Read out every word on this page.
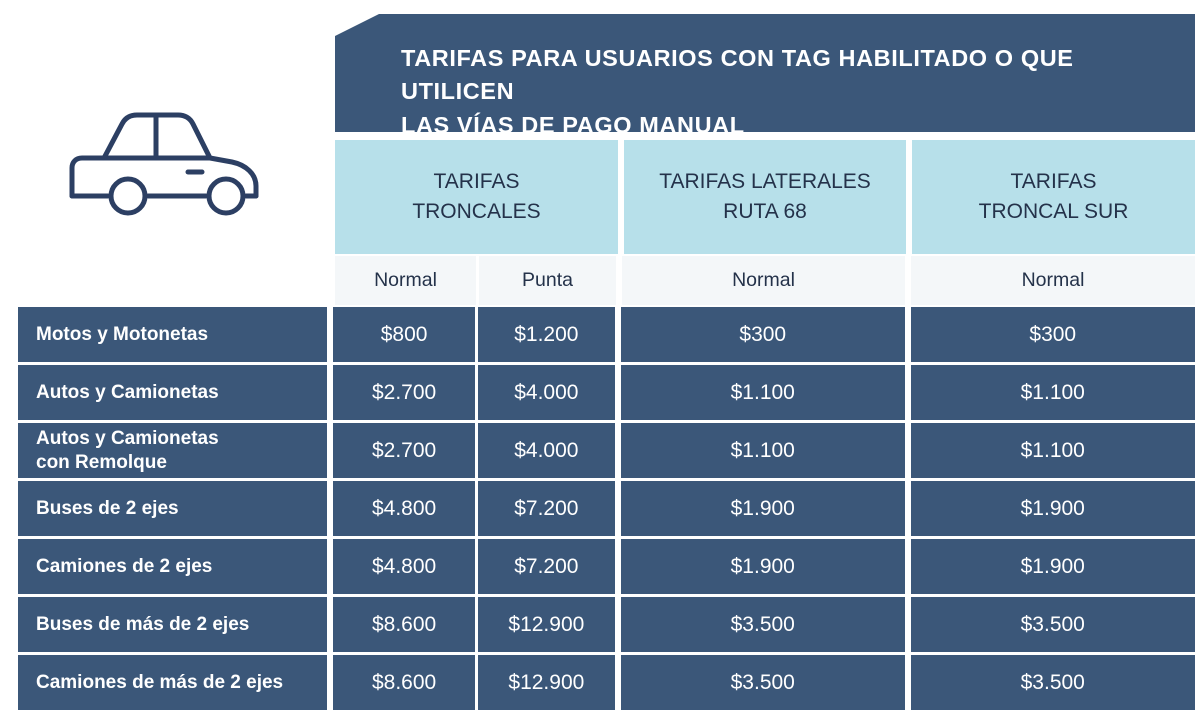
TARIFAS PARA USUARIOS CON TAG HABILITADO O QUE UTILICEN
LAS VÍAS DE PAGO MANUAL
TARIFAS
TRONCALES
TARIFAS LATERALES
RUTA 68
TARIFAS
TRONCAL SUR
Normal	Punta	Normal	Normal
Motos y Motonetas	$800	$1.200	$300	$300
Autos y Camionetas	$2.700	$4.000	$1.100	$1.100
Autos y Camionetas
con Remolque
$2.700	$4.000	$1.100	$1.100
Buses de 2 ejes	$4.800	$7.200	$1.900	$1.900
Camiones de 2 ejes	$4.800	$7.200	$1.900	$1.900
Buses de más de 2 ejes	$8.600	$12.900	$3.500	$3.500
Camiones de más de 2 ejes	$8.600	$12.900	$3.500	$3.500
